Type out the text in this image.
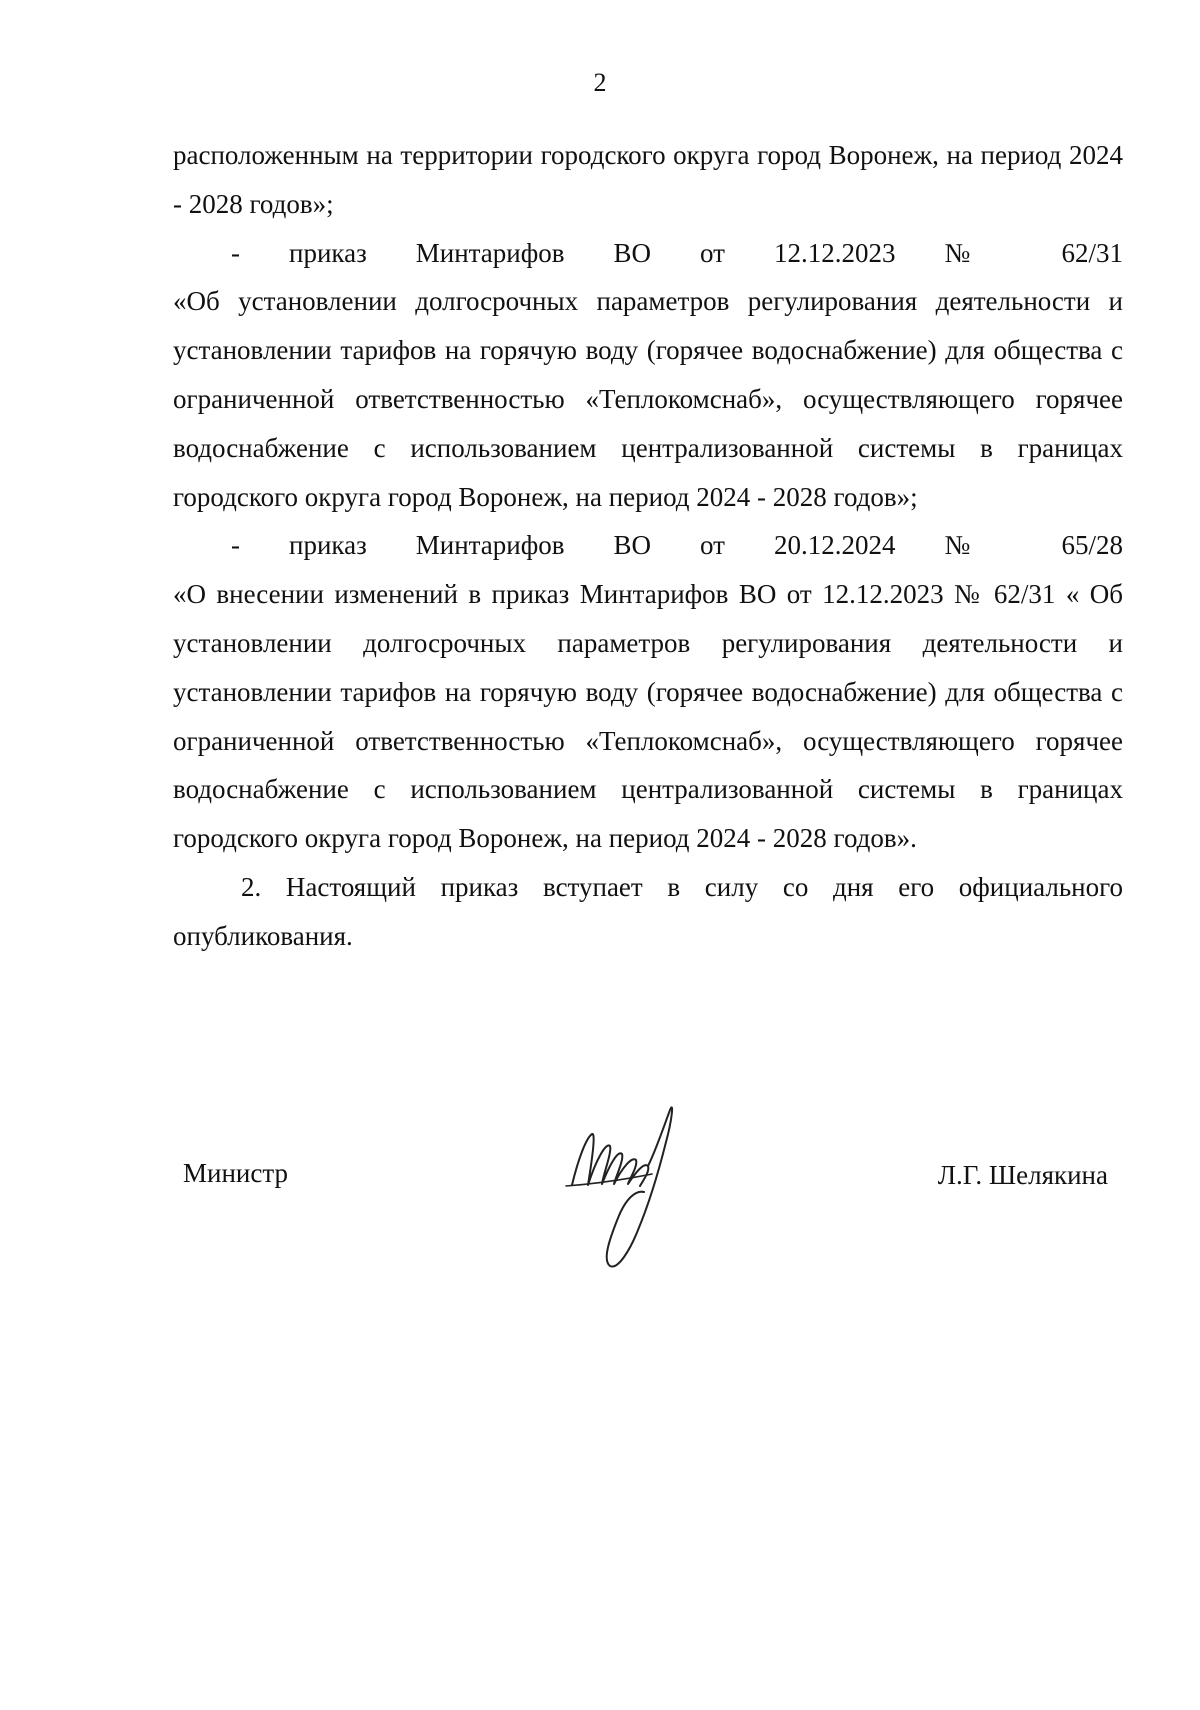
2

расположенным на территории городского округа город Воронеж, на период 2024 - 2028 годов»;

- приказ Минтарифов ВО от 12.12.2023 № 62/31

«Об установлении долгосрочных параметров регулирования деятельности и установлении тарифов на горячую воду (горячее водоснабжение) для общества с ограниченной ответственностью «Теплокомснаб», осуществляющего горячее водоснабжение с использованием централизованной системы в границах городского округа город Воронеж, на период 2024 - 2028 годов»;

- приказ Минтарифов ВО от 20.12.2024 № 65/28

«О внесении изменений в приказ Минтарифов ВО от 12.12.2023 № 62/31 « Об установлении долгосрочных параметров регулирования деятельности и установлении тарифов на горячую воду (горячее водоснабжение) для общества с ограниченной ответственностью «Теплокомснаб», осуществляющего горячее водоснабжение с использованием централизованной системы в границах городского округа город Воронеж, на период 2024 - 2028 годов».

2. Настоящий приказ вступает в силу со дня его официального опубликования.

Министр	Л.Г. Шелякина
